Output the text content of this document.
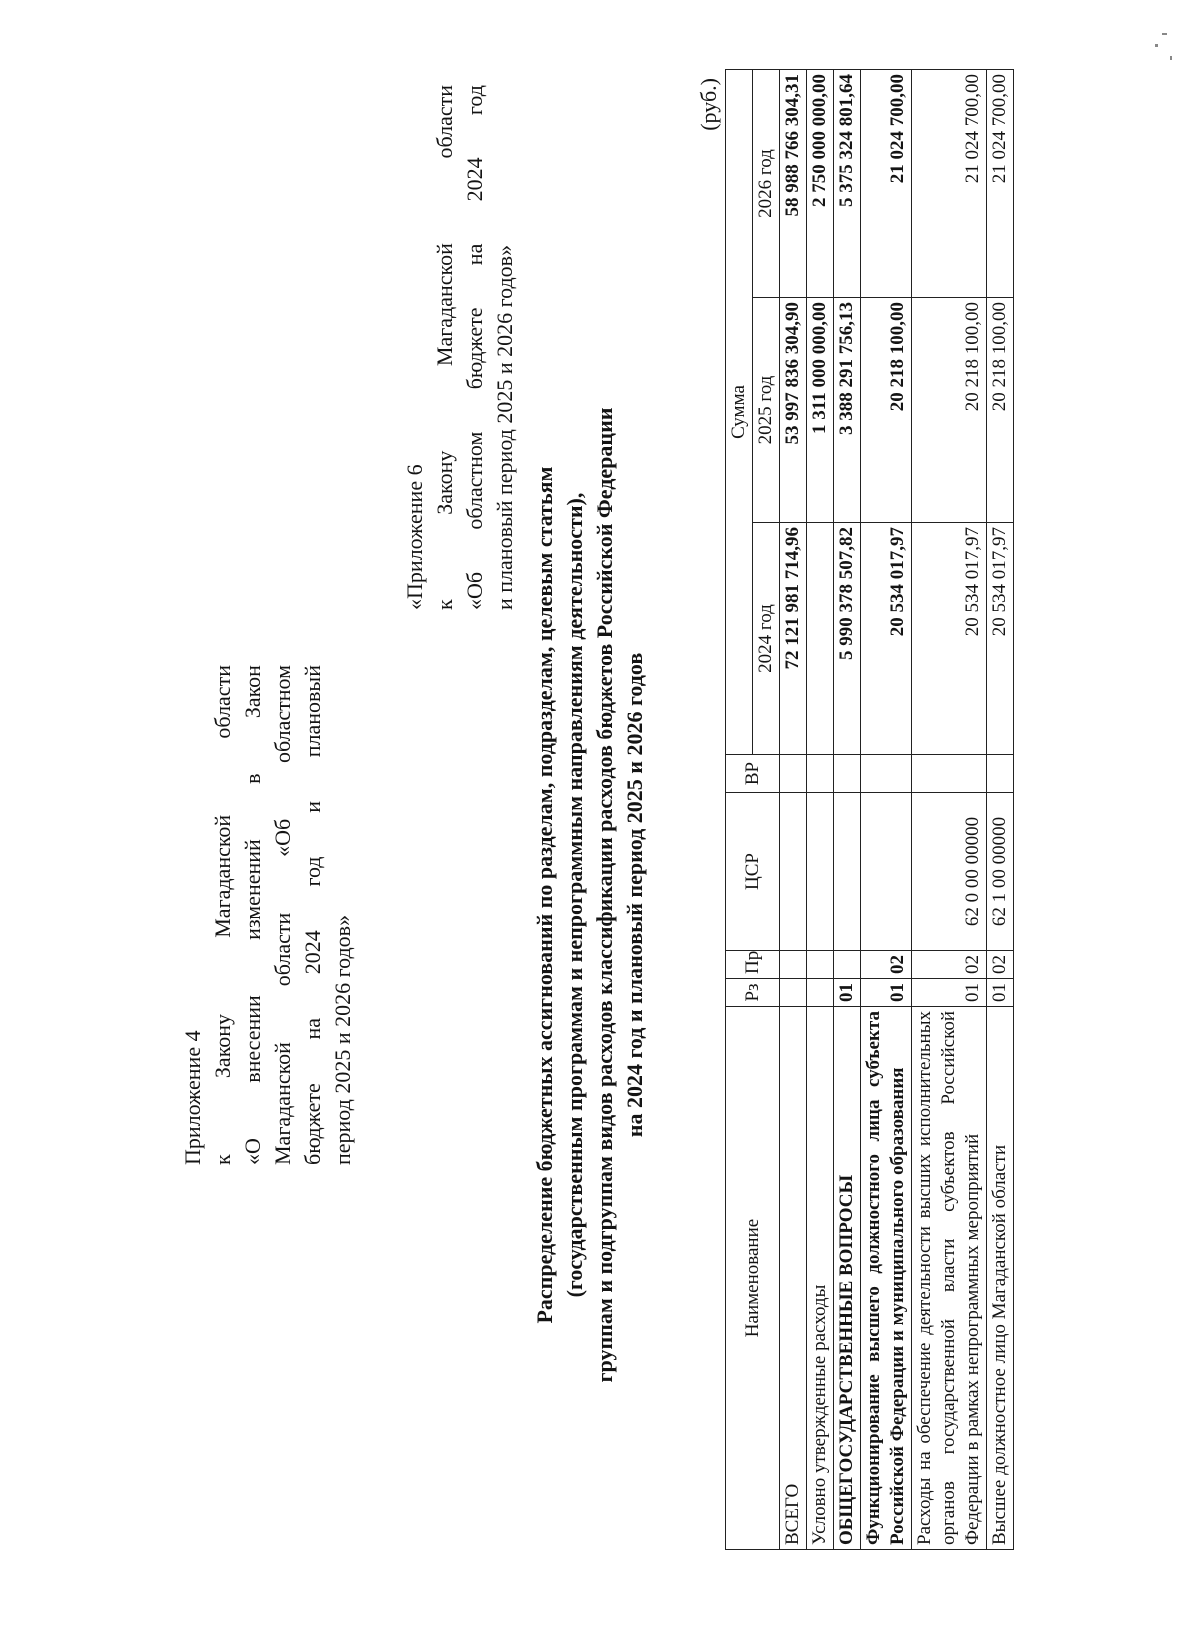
Приложение 4 к
Закону
Магаданской
области
«О
внесении
изменений
в
Закон
Магаданской
области
«Об
областном
бюджете
на
2024
год
и
плановый
период 2025 и 2026 годов»
«Приложение 6 к
Закону
Магаданской
области
«Об
областном
бюджете
на
2024
год
и плановый период 2025 и 2026 годов»
Распределение бюджетных ассигнований по разделам, подразделам, целевым статьям (государственным программам и непрограммным направлениям деятельности), группам и подгруппам видов расходов классификации расходов бюджетов Российской Федерации на 2024 год и плановый период 2025 и 2026 годов
(руб.)
Наименование	Рз	Пр	ЦСР	ВР	Сумма		
					2024 год	2025 год	2026 год
ВСЕГО					72 121 981 714,96	53 997 836 304,90	58 988 766 304,31
Условно утвержденные расходы						1 311 000 000,00	2 750 000 000,00
ОБЩЕГОСУДАРСТВЕННЫЕ ВОПРОСЫ	01				5 990 378 507,82	3 388 291 756,13	5 375 324 801,64
Функционирование высшего должностного лица субъекта Российской Федерации и муниципального образования	01	02			20 534 017,97	20 218 100,00	21 024 700,00
Расходы на обеспечение деятельности высших исполнительных органов государственной власти субъектов Российской Федерации в рамках непрограммных мероприятий	01	02	62 0 00 00000		20 534 017,97	20 218 100,00	21 024 700,00
Высшее должностное лицо Магаданской области	01	02	62 1 00 00000		20 534 017,97	20 218 100,00	21 024 700,00
